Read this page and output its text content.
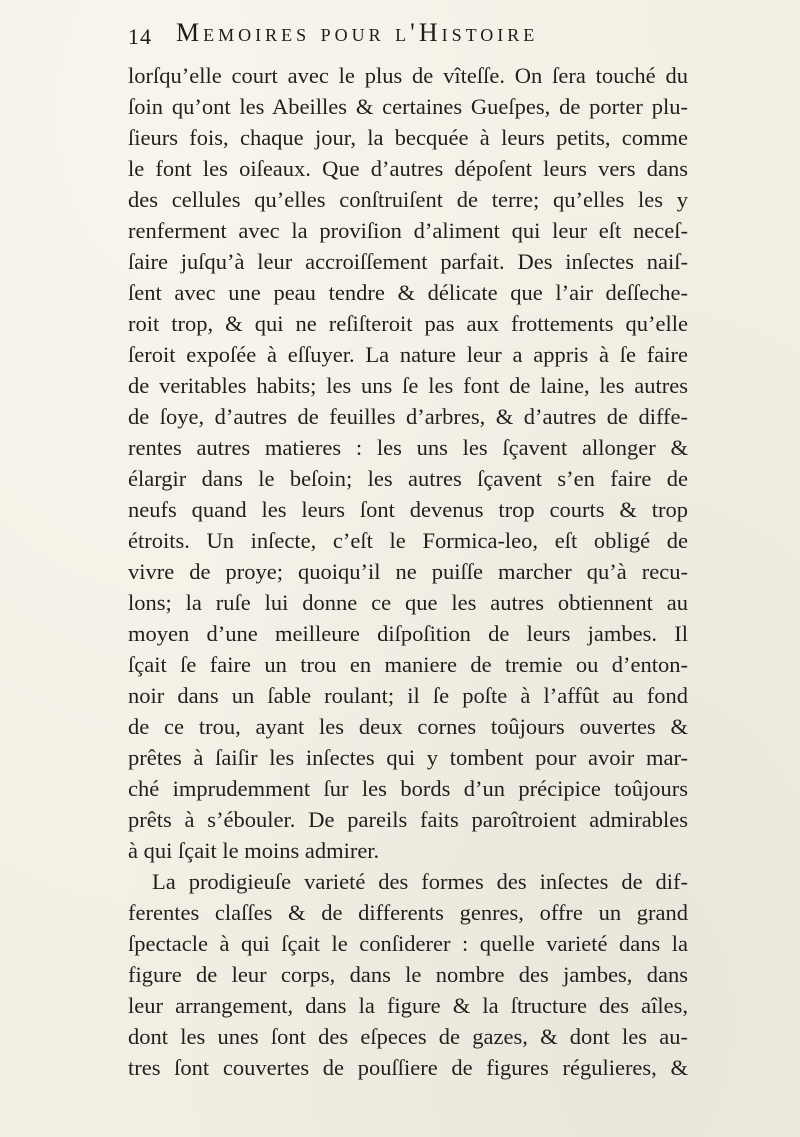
14 Memoires pour l'Histoire
lorſqu’elle court avec le plus de vîteſſe. On ſera touché du
ſoin qu’ont les Abeilles & certaines Gueſpes, de porter plu-
ſieurs fois, chaque jour, la becquée à leurs petits, comme
le font les oiſeaux. Que d’autres dépoſent leurs vers dans
des cellules qu’elles conſtruiſent de terre; qu’elles les y
renferment avec la proviſion d’aliment qui leur eſt neceſ-
ſaire juſqu’à leur accroiſſement parfait. Des inſectes naiſ-
ſent avec une peau tendre & délicate que l’air deſſeche-
roit trop, & qui ne reſiſteroit pas aux frottements qu’elle
ſeroit expoſée à eſſuyer. La nature leur a appris à ſe faire
de veritables habits; les uns ſe les font de laine, les autres
de ſoye, d’autres de feuilles d’arbres, & d’autres de diffe-
rentes autres matieres : les uns les ſçavent allonger &
élargir dans le beſoin; les autres ſçavent s’en faire de
neufs quand les leurs ſont devenus trop courts & trop
étroits. Un inſecte, c’eſt le Formica-leo, eſt obligé de
vivre de proye; quoiqu’il ne puiſſe marcher qu’à recu-
lons; la ruſe lui donne ce que les autres obtiennent au
moyen d’une meilleure diſpoſition de leurs jambes. Il
ſçait ſe faire un trou en maniere de tremie ou d’enton-
noir dans un ſable roulant; il ſe poſte à l’affût au fond
de ce trou, ayant les deux cornes toûjours ouvertes &
prêtes à ſaiſir les inſectes qui y tombent pour avoir mar-
ché imprudemment ſur les bords d’un précipice toûjours
prêts à s’ébouler. De pareils faits paroîtroient admirables
à qui ſçait le moins admirer.
La prodigieuſe varieté des formes des inſectes de dif-
ferentes claſſes & de differents genres, offre un grand
ſpectacle à qui ſçait le conſiderer : quelle varieté dans la
figure de leur corps, dans le nombre des jambes, dans
leur arrangement, dans la figure & la ſtructure des aîles,
dont les unes ſont des eſpeces de gazes, & dont les au-
tres ſont couvertes de pouſſiere de figures régulieres, &
